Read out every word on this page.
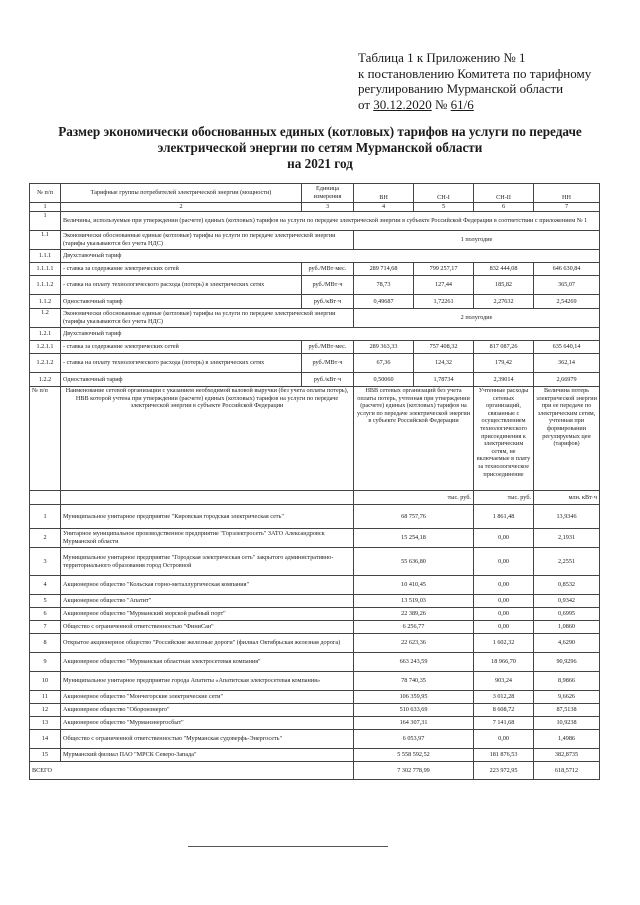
Таблица 1 к Приложению № 1
к постановлению Комитета по тарифному
регулированию Мурманской области
от 30.12.2020 № 61/6
Размер экономически обоснованных единых (котловых) тарифов на услуги по передаче
электрической энергии по сетям Мурманской области
на 2021 год
№ п/п	Тарифные группы потребителей электрической энергии (мощности)	Единица измерения	ВН	СН-I	СН-II	НН
1	2	3	4	5	6	7
1	Величины, используемые при утверждении (расчете) единых (котловых) тарифов на услуги по передаче электрической энергии в субъекте Российской Федерации в соответствии с приложением № 1					
1.1	Экономически обоснованные единые (котловые) тарифы на услуги по передаче электрической энергии (тарифы указываются без учета НДС)		1 полугодие			
1.1.1	Двухставочный тариф					
1.1.1.1	- ставка за содержание электрических сетей	руб./МВт·мес.	289 714,68	799 257,17	832 444,08	646 630,84
1.1.1.2	- ставка на оплату технологического расхода (потерь) в электрических сетях	руб./МВт·ч	78,73	127,44	185,82	365,07
1.1.2	Одноставочный тариф	руб./кВт·ч	0,49687	1,72261	2,27632	2,54269
1.2	Экономически обоснованные единые (котловые) тарифы на услуги по передаче электрической энергии (тарифы указываются без учета НДС)		2 полугодие			
1.2.1	Двухставочный тариф					
1.2.1.1	- ставка за содержание электрических сетей	руб./МВт·мес.	289 363,33	757 408,32	817 087,26	635 640,14
1.2.1.2	- ставка на оплату технологического расхода (потерь) в электрических сетях	руб./МВт·ч	67,36	124,32	179,42	362,14
1.2.2	Одноставочный тариф	руб./кВт·ч	0,50060	1,78734	2,39014	2,66979
№ п/п	Наименование сетевой организации с указанием необходимой валовой выручки (без учета оплаты потерь), НВВ которой учтена при утверждении (расчете) единых (котловых) тарифов на услуги по передаче электрической энергии в субъекте Российской Федерации		НВВ сетевых организаций без учета оплаты потерь, учтенная при утверждении (расчете) единых (котловых) тарифов на услуги по передаче электрической энергии в субъекте Российской Федерации		Учтенные расходы сетевых организаций, связанные с осуществлением технологического присоединения к электрическим сетям, не включаемые в плату за технологическое присоединение	Величина потерь электрической энергии при ее передаче по электрическим сетям, учтенная при формировании регулируемых цен (тарифов)
			тыс. руб.		тыс. руб.	млн. кВт·ч
1	Муниципальное унитарное предприятие "Кировская городская электрическая сеть"		68 757,76		1 861,48	13,9346
2	Унитарное муниципальное производственное предприятие "Горэлектросеть" ЗАТО Александровск Мурманской области		15 254,18		0,00	2,1931
3	Муниципальное унитарное предприятие "Городская электрическая сеть" закрытого административно-территориального образования город Островной		55 636,80		0,00	2,2551
4	Акционерное общество "Кольская горно-металлургическая компания"		10 410,45		0,00	0,8532
5	Акционерное общество "Апатит"		13 519,03		0,00	0,9342
6	Акционерное общество "Мурманский морской рыбный порт"		22 389,26		0,00	0,6995
7	Общество с ограниченной ответственностью "ФиниСан"		6 256,77		0,00	1,0860
8	Открытое акционерное общество "Российские железные дороги" (филиал Октябрьская железная дорога)		22 623,36		1 602,32	4,6290
9	Акционерное общество "Мурманская областная электросетевая компания"		663 243,59		18 966,70	90,9296
10	Муниципальное унитарное предприятие города Апатиты «Апатитская электросетевая компания»		78 740,35		903,24	8,9866
11	Акционерное общество "Мончегорские электрические сети"		106 359,95		3 012,28	9,6626
12	Акционерное общество "Оборонэнерго"		510 633,69		8 608,72	87,5138
13	Акционерное общество "Мурманэнергосбыт"		164 307,31		7 141,68	10,9238
14	Общество с ограниченной ответственностью "Мурманская судоверфь-Энергосеть"		6 053,97		0,00	1,4986
15	Мурманский филиал ПАО "МРСК Северо-Запада"		5 558 592,52		181 876,53	382,8735
ВСЕГО			7 302 778,99		223 972,95	618,5712
